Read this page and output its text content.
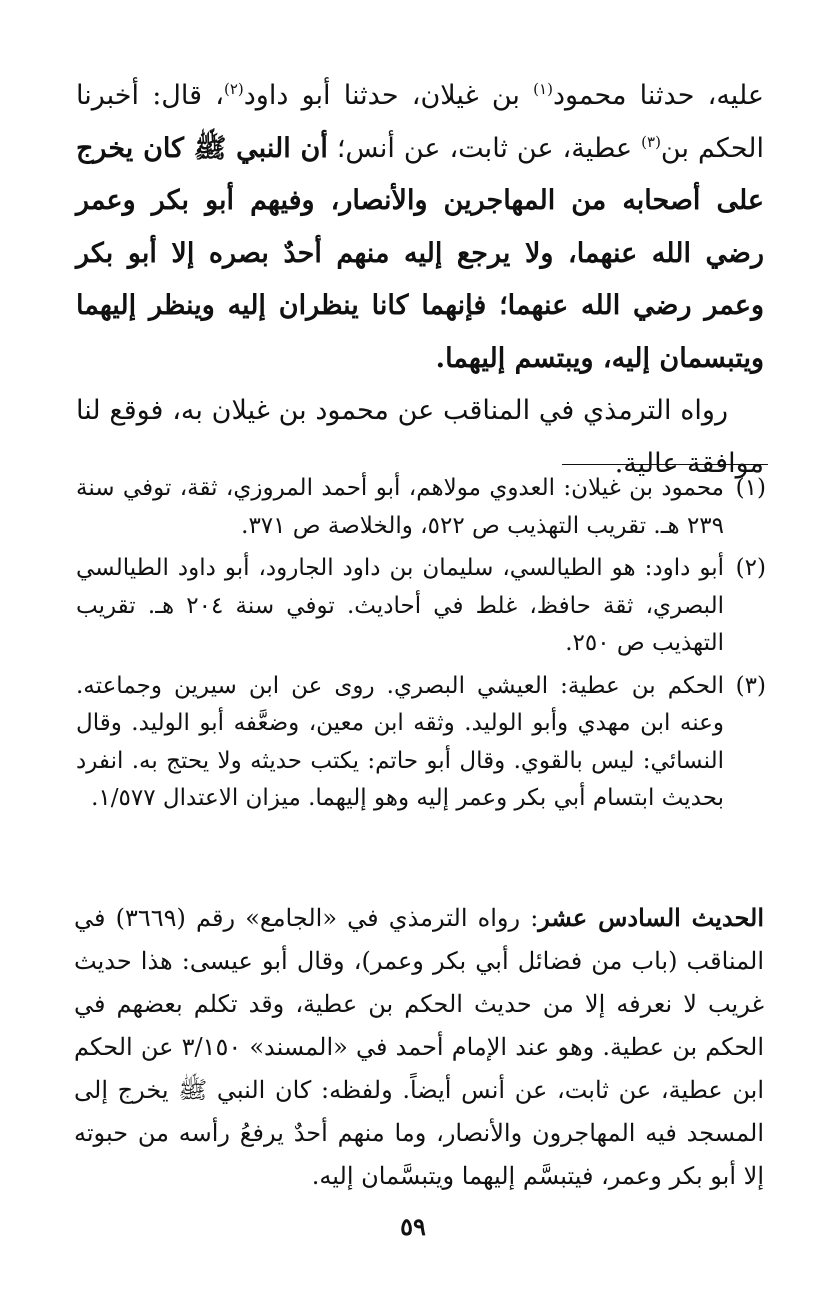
عليه، حدثنا محمود$^{(١)}$ بن غيلان، حدثنا أبو داود$^{(٢)}$، قال: أخبرنا الحكم بن$^{(٣)}$ عطية، عن ثابت، عن أنس؛ أن النبي ﷺ كان يخرج على أصحابه من المهاجرين والأنصار، وفيهم أبو بكر وعمر رضي الله عنهما، ولا يرجع إليه منهم أحدٌ بصره إلا أبو بكر وعمر رضي الله عنهما؛ فإنهما كانا ينظران إليه وينظر إليهما ويتبسمان إليه، ويبتسم إليهما.

رواه الترمذي في المناقب عن محمود بن غيلان به، فوقع لنا موافقة عالية.

(١)
محمود بن غيلان: العدوي مولاهم، أبو أحمد المروزي، ثقة، توفي سنة ٢٣٩ هـ. تقريب التهذيب ص ٥٢٢، والخلاصة ص ٣٧١.

(٢)
أبو داود: هو الطيالسي، سليمان بن داود الجارود، أبو داود الطيالسي البصري، ثقة حافظ، غلط في أحاديث. توفي سنة ٢٠٤ هـ. تقريب التهذيب ص ٢٥٠.

(٣)
الحكم بن عطية: العيشي البصري. روى عن ابن سيرين وجماعته. وعنه ابن مهدي وأبو الوليد. وثقه ابن معين، وضعَّفه أبو الوليد. وقال النسائي: ليس بالقوي. وقال أبو حاتم: يكتب حديثه ولا يحتج به. انفرد بحديث ابتسام أبي بكر وعمر إليه وهو إليهما. ميزان الاعتدال ١/٥٧٧.

الحديث السادس عشر: رواه الترمذي في «الجامع» رقم (٣٦٦٩) في المناقب (باب من فضائل أبي بكر وعمر)، وقال أبو عيسى: هذا حديث غريب لا نعرفه إلا من حديث الحكم بن عطية، وقد تكلم بعضهم في الحكم بن عطية. وهو عند الإمام أحمد في «المسند» ٣/١٥٠ عن الحكم ابن عطية، عن ثابت، عن أنس أيضاً. ولفظه: كان النبي ﷺ يخرج إلى المسجد فيه المهاجرون والأنصار، وما منهم أحدٌ يرفعُ رأسه من حبوته إلا أبو بكر وعمر، فيتبسَّم إليهما ويتبسَّمان إليه.

٥٩
